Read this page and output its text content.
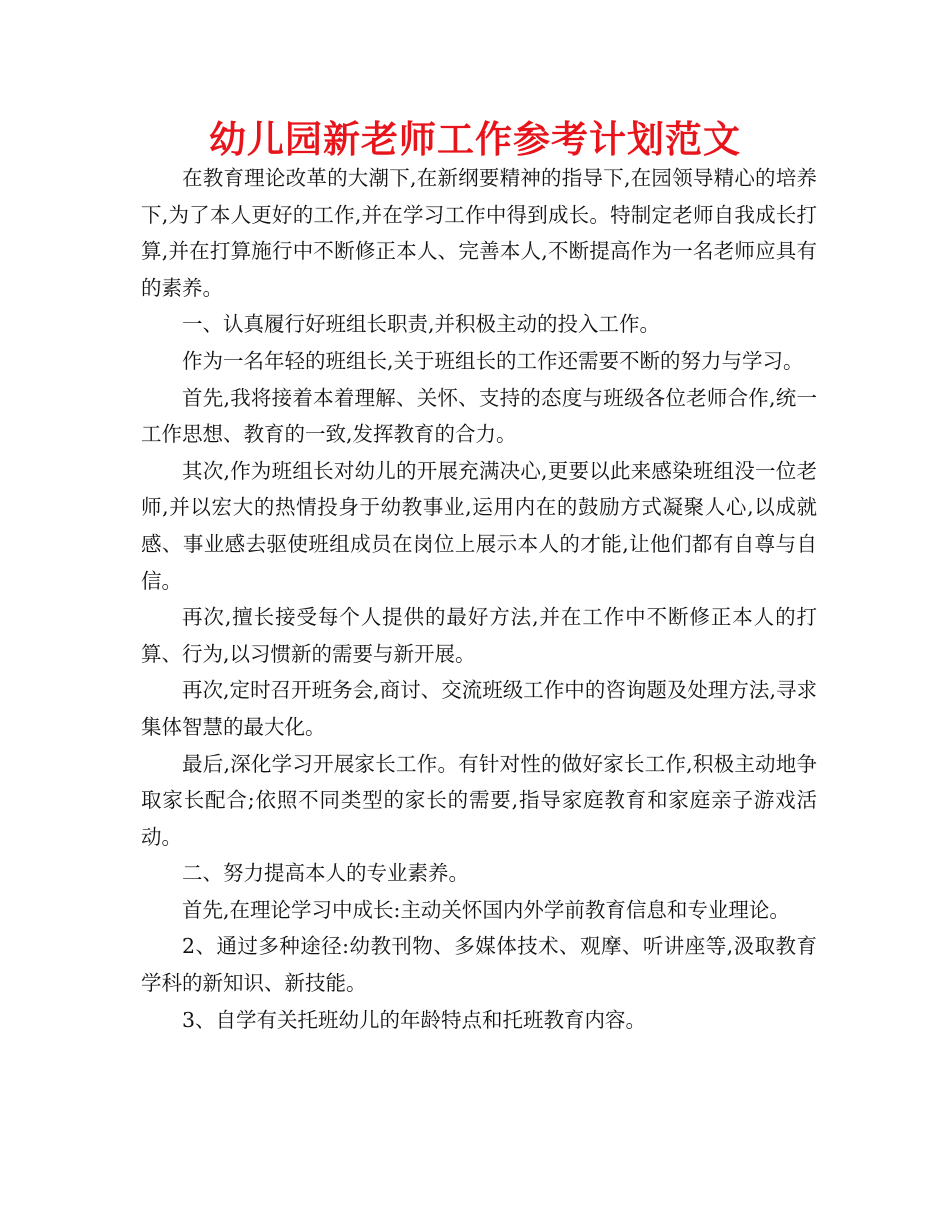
幼儿园新老师工作参考计划范文

在教育理论改革的大潮下,在新纲要精神的指导下,在园领导精心的培养下,为了本人更好的工作,并在学习工作中得到成长。特制定老师自我成长打算,并在打算施行中不断修正本人、完善本人,不断提高作为一名老师应具有的素养。

一、认真履行好班组长职责,并积极主动的投入工作。

作为一名年轻的班组长,关于班组长的工作还需要不断的努力与学习。

首先,我将接着本着理解、关怀、支持的态度与班级各位老师合作,统一工作思想、教育的一致,发挥教育的合力。

其次,作为班组长对幼儿的开展充满决心,更要以此来感染班组没一位老师,并以宏大的热情投身于幼教事业,运用内在的鼓励方式凝聚人心,以成就感、事业感去驱使班组成员在岗位上展示本人的才能,让他们都有自尊与自信。

再次,擅长接受每个人提供的最好方法,并在工作中不断修正本人的打算、行为,以习惯新的需要与新开展。

再次,定时召开班务会,商讨、交流班级工作中的咨询题及处理方法,寻求集体智慧的最大化。

最后,深化学习开展家长工作。有针对性的做好家长工作,积极主动地争取家长配合;依照不同类型的家长的需要,指导家庭教育和家庭亲子游戏活动。

二、努力提高本人的专业素养。

首先,在理论学习中成长:主动关怀国内外学前教育信息和专业理论。

2、通过多种途径:幼教刊物、多媒体技术、观摩、听讲座等,汲取教育学科的新知识、新技能。

3、自学有关托班幼儿的年龄特点和托班教育内容。
